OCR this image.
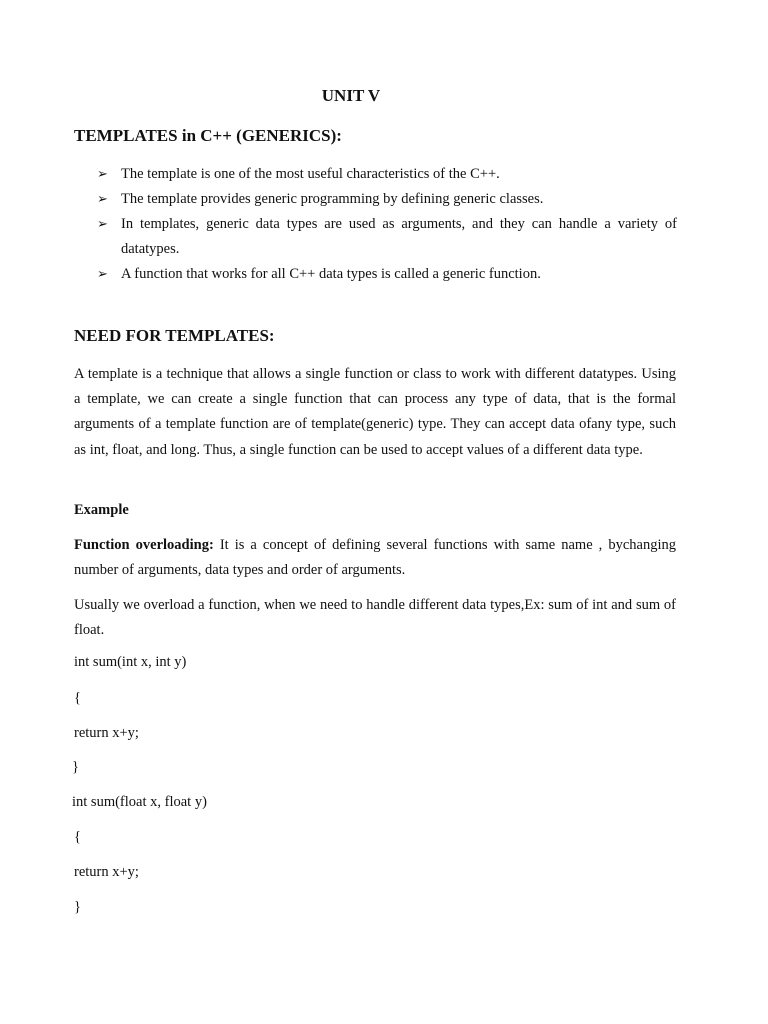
UNIT V
TEMPLATES in C++ (GENERICS):
➢ The template is one of the most useful characteristics of the C++.
➢ The template provides generic programming by defining generic classes.
➢ In templates, generic data types are used as arguments, and they can handle a variety of datatypes.
➢ A function that works for all C++ data types is called a generic function.
NEED FOR TEMPLATES:
A template is a technique that allows a single function or class to work with different datatypes. Using a template, we can create a single function that can process any type of data, that is the formal arguments of a template function are of template(generic) type. They can accept data ofany type, such as int, float, and long. Thus, a single function can be used to accept values of a different data type.
Example
Function overloading: It is a concept of defining several functions with same name , bychanging number of arguments, data types and order of arguments.
Usually we overload a function, when we need to handle different data types,Ex: sum of int and sum of float.
int sum(int x, int y)
{
return x+y;
}
int sum(float x, float y)
{
return x+y;
}
